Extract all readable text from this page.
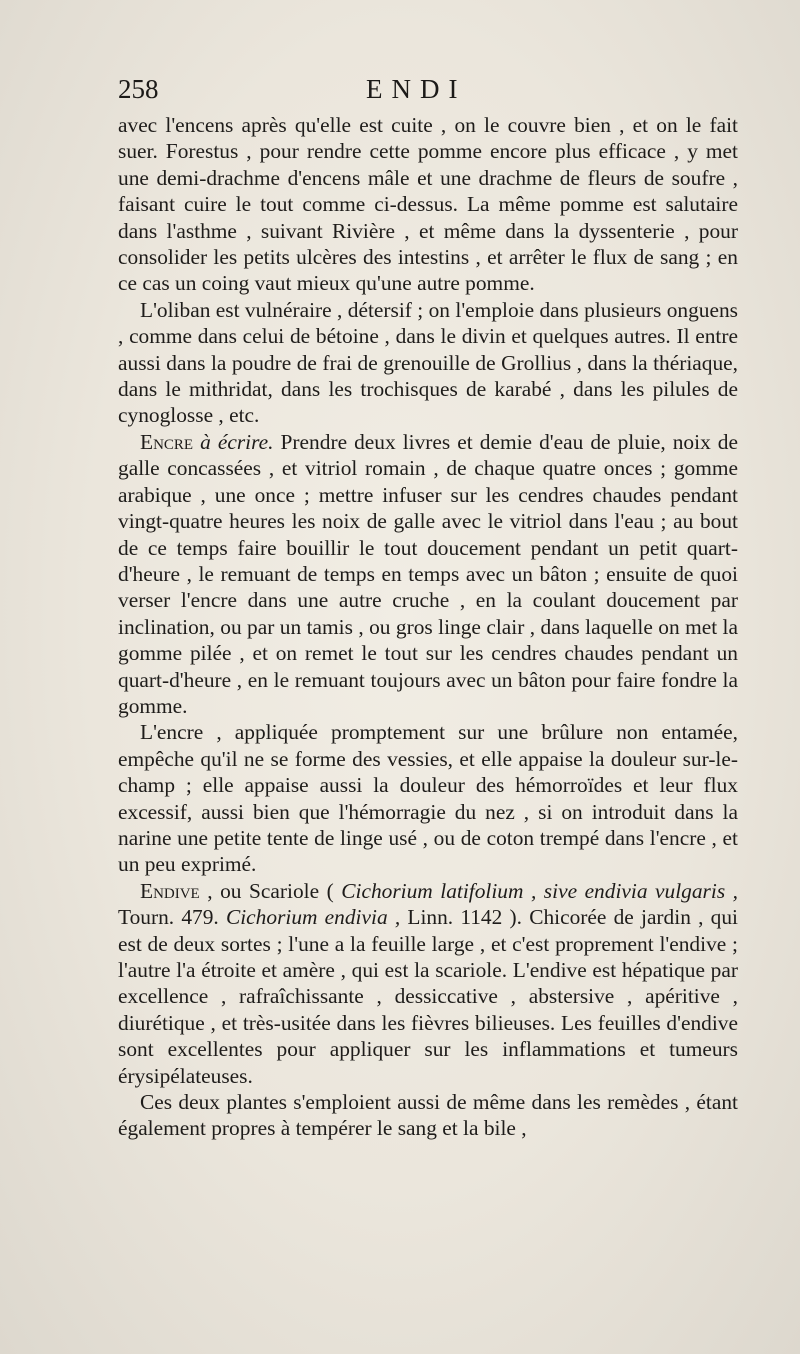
258	ENDI

avec l'encens après qu'elle est cuite , on le couvre bien , et on le fait suer. Forestus , pour rendre cette pomme encore plus efficace , y met une demi-drachme d'encens mâle et une drachme de fleurs de soufre , faisant cuire le tout comme ci-dessus. La même pomme est salutaire dans l'asthme , suivant Rivière , et même dans la dyssenterie , pour consolider les petits ulcères des intestins , et arrêter le flux de sang ; en ce cas un coing vaut mieux qu'une autre pomme.

L'oliban est vulnéraire , détersif ; on l'emploie dans plusieurs onguens , comme dans celui de bétoine , dans le divin et quelques autres. Il entre aussi dans la poudre de frai de grenouille de Grollius , dans la thériaque, dans le mithridat, dans les trochisques de karabé , dans les pilules de cynoglosse , etc.

Encre à écrire. Prendre deux livres et demie d'eau de pluie, noix de galle concassées , et vitriol romain , de chaque quatre onces ; gomme arabique , une once ; mettre infuser sur les cendres chaudes pendant vingt-quatre heures les noix de galle avec le vitriol dans l'eau ; au bout de ce temps faire bouillir le tout doucement pendant un petit quart-d'heure , le remuant de temps en temps avec un bâton ; ensuite de quoi verser l'encre dans une autre cruche , en la coulant doucement par inclination, ou par un tamis , ou gros linge clair , dans laquelle on met la gomme pilée , et on remet le tout sur les cendres chaudes pendant un quart-d'heure , en le remuant toujours avec un bâton pour faire fondre la gomme.

L'encre , appliquée promptement sur une brûlure non entamée, empêche qu'il ne se forme des vessies, et elle appaise la douleur sur-le-champ ; elle appaise aussi la douleur des hémorroïdes et leur flux excessif, aussi bien que l'hémorragie du nez , si on introduit dans la narine une petite tente de linge usé , ou de coton trempé dans l'encre , et un peu exprimé.

Endive , ou Scariole ( Cichorium latifolium , sive endivia vulgaris , Tourn. 479. Cichorium endivia , Linn. 1142 ). Chicorée de jardin , qui est de deux sortes ; l'une a la feuille large , et c'est proprement l'endive ; l'autre l'a étroite et amère , qui est la scariole. L'endive est hépatique par excellence , rafraîchissante , dessiccative , abstersive , apéritive , diurétique , et très-usitée dans les fièvres bilieuses. Les feuilles d'endive sont excellentes pour appliquer sur les inflammations et tumeurs érysipélateuses.

Ces deux plantes s'emploient aussi de même dans les remèdes , étant également propres à tempérer le sang et la bile ,
